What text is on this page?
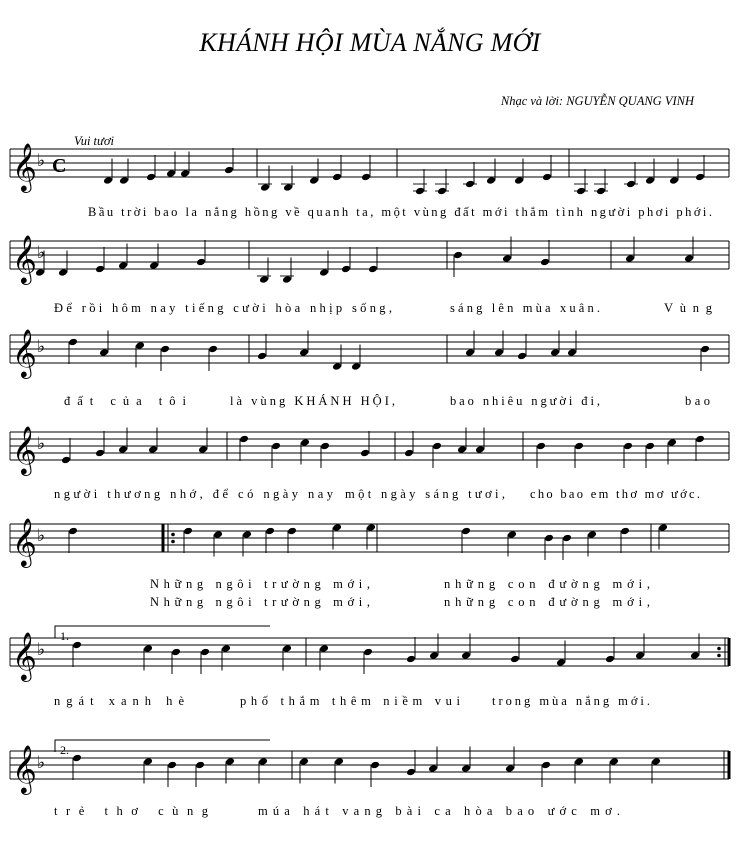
KHÁNH HỘI MÙA NẮNG MỚI
Nhạc và lời: NGUYỄN QUANG VINH
Vui tươi
𝄞 ♭ C
Bầu trời bao la nắng hồng về quanh ta, một vùng đất mới thắm tình người phơi phới.
𝄞 ♭
Để rồi hôm nay tiếng cười hòa nhịp sống,	sáng lên mùa xuân.	Vùng
𝄞 ♭
đất của tôi	là vùng KHÁNH HỘI,	bao nhiêu người đi,	bao
𝄞 ♭
người thương nhớ, để có ngày nay một ngày sáng tươi, cho bao em thơ mơ ước.
𝄞 ♭
Những ngôi trường mới,	những con đường mới,
Những ngôi trường mới,	những con đường mới,
𝄞 ♭
1.
ngát xanh hè	phố thắm thêm niềm vui	trong mùa nắng mới.
𝄞 ♭
2.
trẻ thơ cùng	múa hát vang bài ca hòa bao ước mơ.
